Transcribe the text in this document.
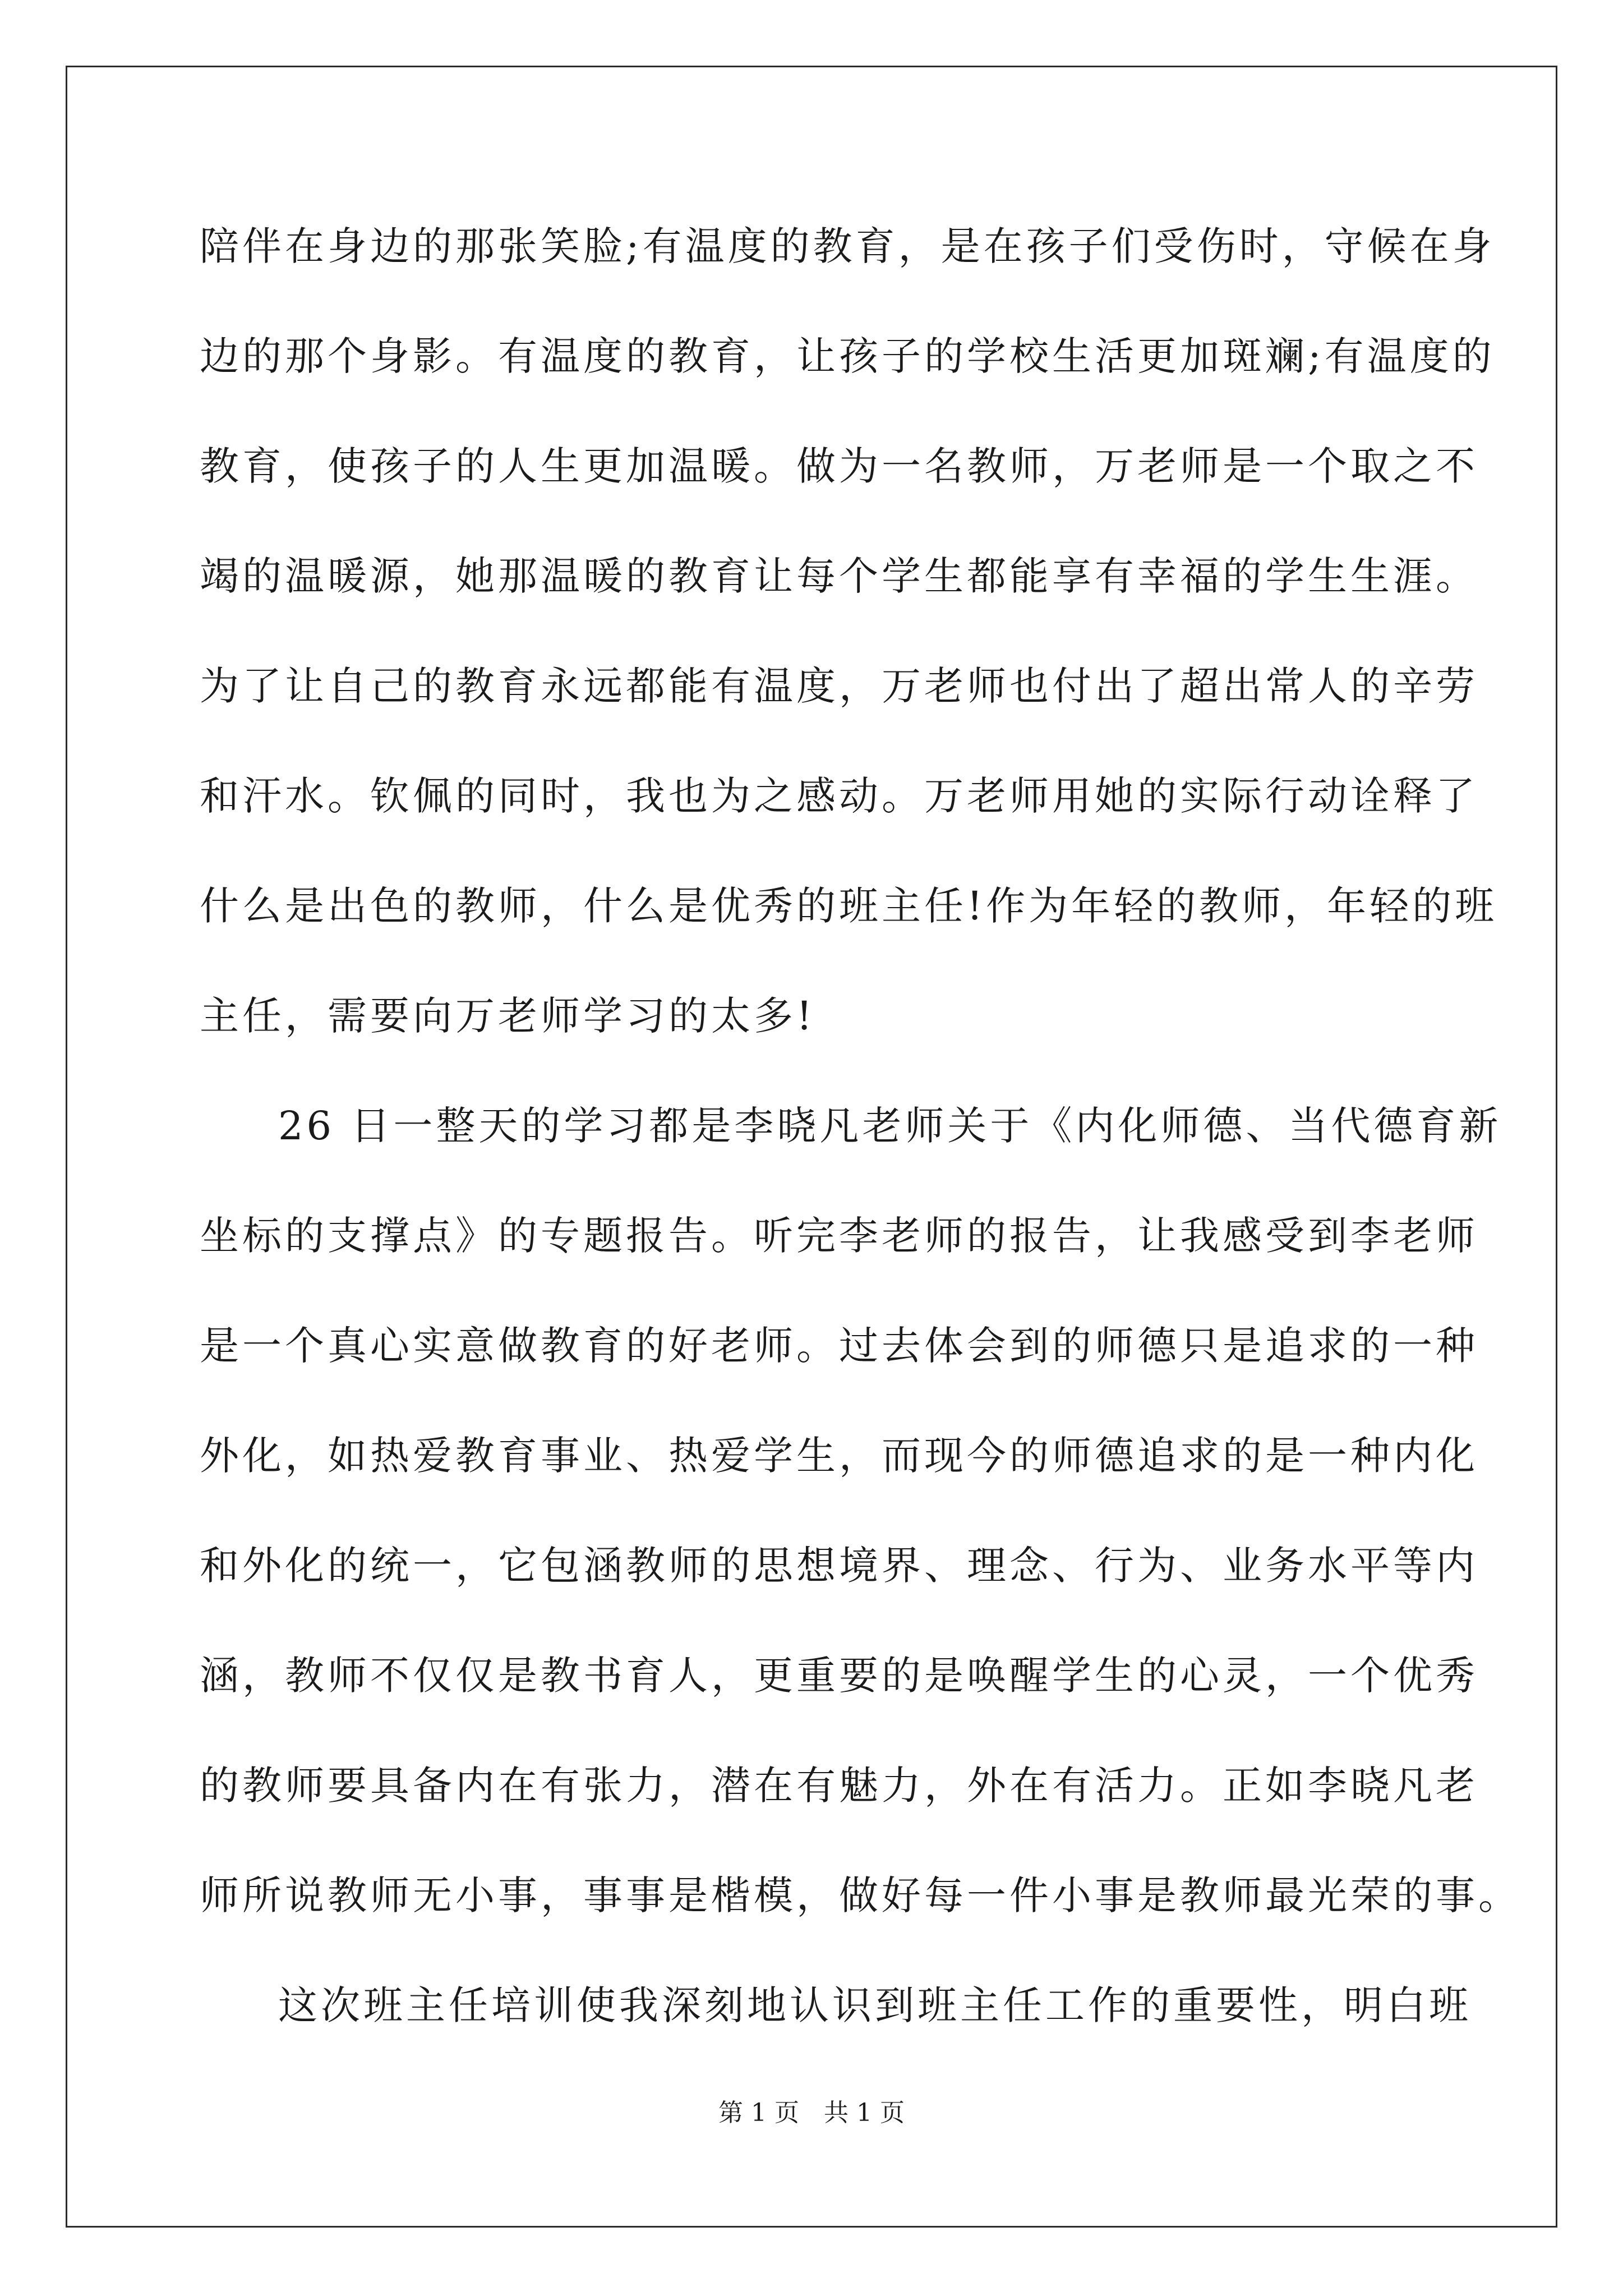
陪伴在身边的那张笑脸;有温度的教育，是在孩子们受伤时，守候在身
边的那个身影。有温度的教育，让孩子的学校生活更加斑斓;有温度的
教育，使孩子的人生更加温暖。做为一名教师，万老师是一个取之不
竭的温暖源，她那温暖的教育让每个学生都能享有幸福的学生生涯。
为了让自己的教育永远都能有温度，万老师也付出了超出常人的辛劳
和汗水。钦佩的同时，我也为之感动。万老师用她的实际行动诠释了
什么是出色的教师，什么是优秀的班主任!作为年轻的教师，年轻的班
主任，需要向万老师学习的太多!
26 日一整天的学习都是李晓凡老师关于《内化师德、当代德育新
坐标的支撑点》的专题报告。听完李老师的报告，让我感受到李老师
是一个真心实意做教育的好老师。过去体会到的师德只是追求的一种
外化，如热爱教育事业、热爱学生，而现今的师德追求的是一种内化
和外化的统一，它包涵教师的思想境界、理念、行为、业务水平等内
涵，教师不仅仅是教书育人，更重要的是唤醒学生的心灵，一个优秀
的教师要具备内在有张力，潜在有魅力，外在有活力。正如李晓凡老
师所说教师无小事，事事是楷模，做好每一件小事是教师最光荣的事。
这次班主任培训使我深刻地认识到班主任工作的重要性，明白班
第 1 页 共 1 页
